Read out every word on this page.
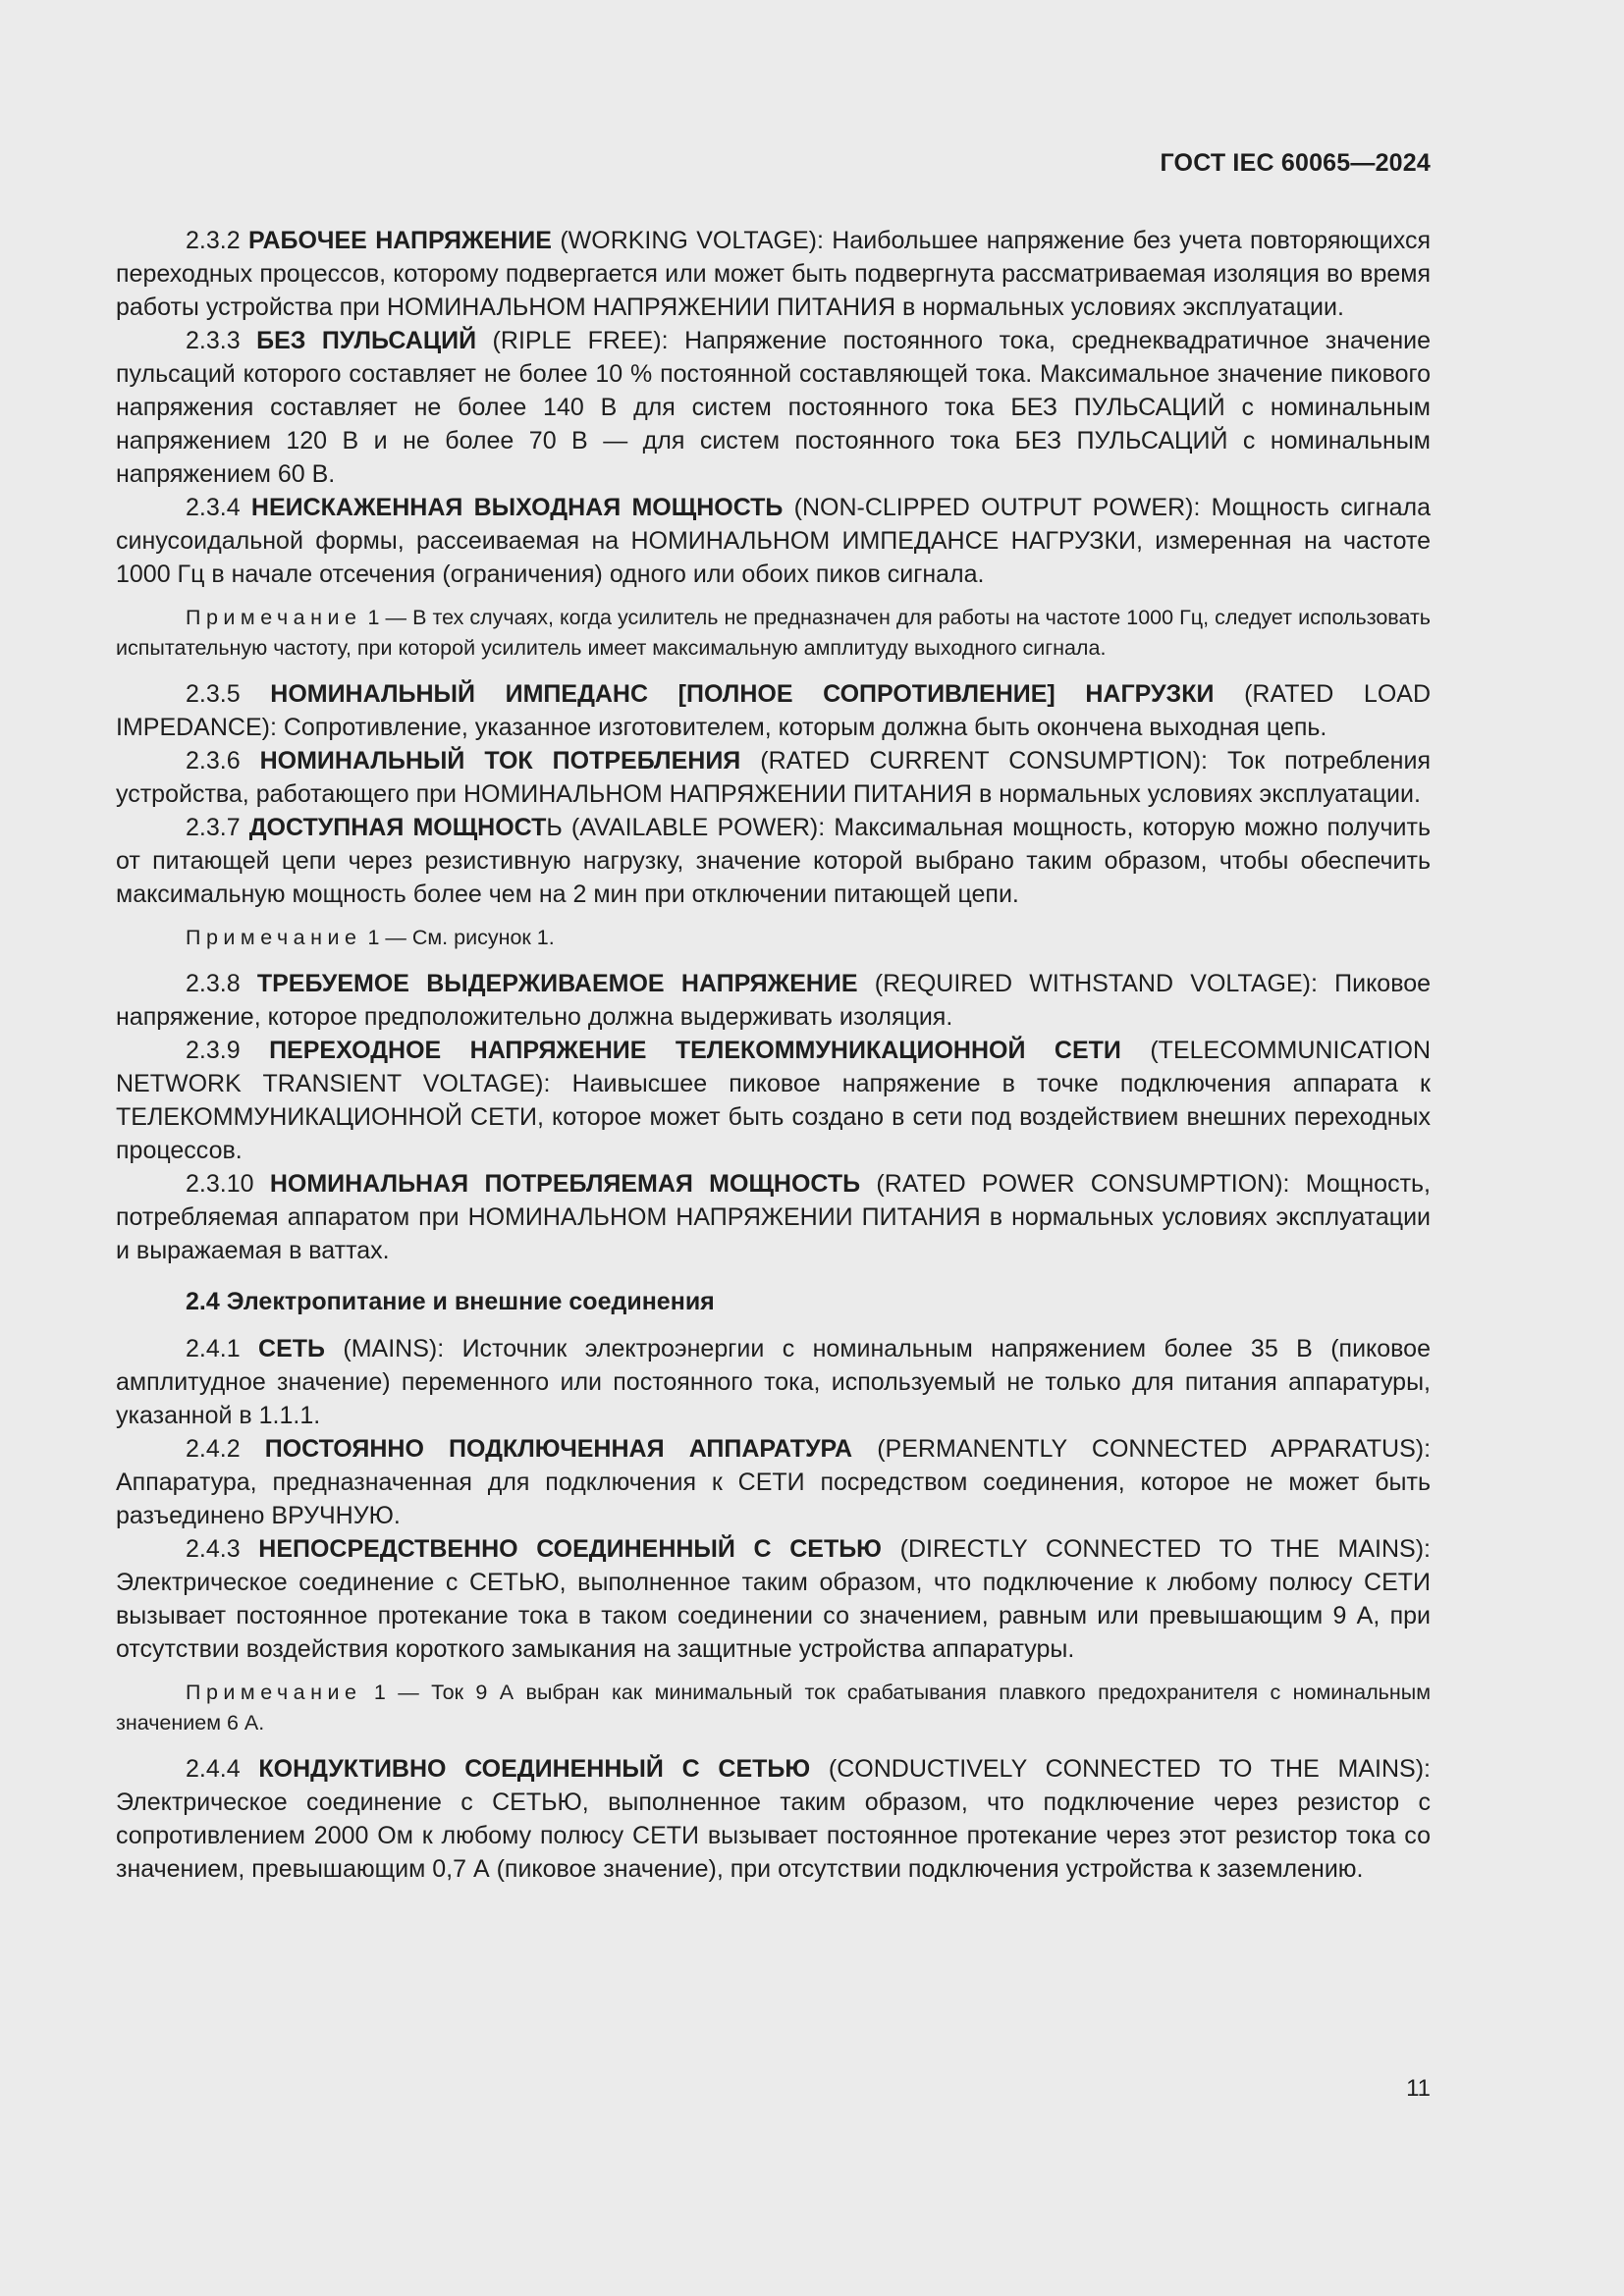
ГОСТ IEC 60065—2024

2.3.2 РАБОЧЕЕ НАПРЯЖЕНИЕ (WORKING VOLTAGE): Наибольшее напряжение без учета повторяющихся переходных процессов, которому подвергается или может быть подвергнута рассматриваемая изоляция во время работы устройства при НОМИНАЛЬНОМ НАПРЯЖЕНИИ ПИТАНИЯ в нормальных условиях эксплуатации.

2.3.3 БЕЗ ПУЛЬСАЦИЙ (RIPLE FREE): Напряжение постоянного тока, среднеквадратичное значение пульсаций которого составляет не более 10 % постоянной составляющей тока. Максимальное значение пикового напряжения составляет не более 140 В для систем постоянного тока БЕЗ ПУЛЬСАЦИЙ с номинальным напряжением 120 В и не более 70 В — для систем постоянного тока БЕЗ ПУЛЬСАЦИЙ с номинальным напряжением 60 В.

2.3.4 НЕИСКАЖЕННАЯ ВЫХОДНАЯ МОЩНОСТЬ (NON-CLIPPED OUTPUT POWER): Мощность сигнала синусоидальной формы, рассеиваемая на НОМИНАЛЬНОМ ИМПЕДАНСЕ НАГРУЗКИ, измеренная на частоте 1000 Гц в начале отсечения (ограничения) одного или обоих пиков сигнала.

Примечание 1 — В тех случаях, когда усилитель не предназначен для работы на частоте 1000 Гц, следует использовать испытательную частоту, при которой усилитель имеет максимальную амплитуду выходного сигнала.

2.3.5 НОМИНАЛЬНЫЙ ИМПЕДАНС [ПОЛНОЕ СОПРОТИВЛЕНИЕ] НАГРУЗКИ (RATED LOAD IMPEDANCE): Сопротивление, указанное изготовителем, которым должна быть окончена выходная цепь.

2.3.6 НОМИНАЛЬНЫЙ ТОК ПОТРЕБЛЕНИЯ (RATED CURRENT CONSUMPTION): Ток потребления устройства, работающего при НОМИНАЛЬНОМ НАПРЯЖЕНИИ ПИТАНИЯ в нормальных условиях эксплуатации.

2.3.7 ДОСТУПНАЯ МОЩНОСТЬ (AVAILABLE POWER): Максимальная мощность, которую можно получить от питающей цепи через резистивную нагрузку, значение которой выбрано таким образом, чтобы обеспечить максимальную мощность более чем на 2 мин при отключении питающей цепи.

Примечание 1 — См. рисунок 1.

2.3.8 ТРЕБУЕМОЕ ВЫДЕРЖИВАЕМОЕ НАПРЯЖЕНИЕ (REQUIRED WITHSTAND VOLTAGE): Пиковое напряжение, которое предположительно должна выдерживать изоляция.

2.3.9 ПЕРЕХОДНОЕ НАПРЯЖЕНИЕ ТЕЛЕКОММУНИКАЦИОННОЙ СЕТИ (TELECOMMUNICATION NETWORK TRANSIENT VOLTAGE): Наивысшее пиковое напряжение в точке подключения аппарата к ТЕЛЕКОММУНИКАЦИОННОЙ СЕТИ, которое может быть создано в сети под воздействием внешних переходных процессов.

2.3.10 НОМИНАЛЬНАЯ ПОТРЕБЛЯЕМАЯ МОЩНОСТЬ (RATED POWER CONSUMPTION): Мощность, потребляемая аппаратом при НОМИНАЛЬНОМ НАПРЯЖЕНИИ ПИТАНИЯ в нормальных условиях эксплуатации и выражаемая в ваттах.

2.4 Электропитание и внешние соединения

2.4.1 СЕТЬ (MAINS): Источник электроэнергии с номинальным напряжением более 35 В (пиковое амплитудное значение) переменного или постоянного тока, используемый не только для питания аппаратуры, указанной в 1.1.1.

2.4.2 ПОСТОЯННО ПОДКЛЮЧЕННАЯ АППАРАТУРА (PERMANENTLY CONNECTED APPARATUS): Аппаратура, предназначенная для подключения к СЕТИ посредством соединения, которое не может быть разъединено ВРУЧНУЮ.

2.4.3 НЕПОСРЕДСТВЕННО СОЕДИНЕННЫЙ С СЕТЬЮ (DIRECTLY CONNECTED TO THE MAINS): Электрическое соединение с СЕТЬЮ, выполненное таким образом, что подключение к любому полюсу СЕТИ вызывает постоянное протекание тока в таком соединении со значением, равным или превышающим 9 А, при отсутствии воздействия короткого замыкания на защитные устройства аппаратуры.

Примечание 1 — Ток 9 А выбран как минимальный ток срабатывания плавкого предохранителя с номинальным значением 6 А.

2.4.4 КОНДУКТИВНО СОЕДИНЕННЫЙ С СЕТЬЮ (CONDUCTIVELY CONNECTED TO THE MAINS): Электрическое соединение с СЕТЬЮ, выполненное таким образом, что подключение через резистор с сопротивлением 2000 Ом к любому полюсу СЕТИ вызывает постоянное протекание через этот резистор тока со значением, превышающим 0,7 А (пиковое значение), при отсутствии подключения устройства к заземлению.

11
